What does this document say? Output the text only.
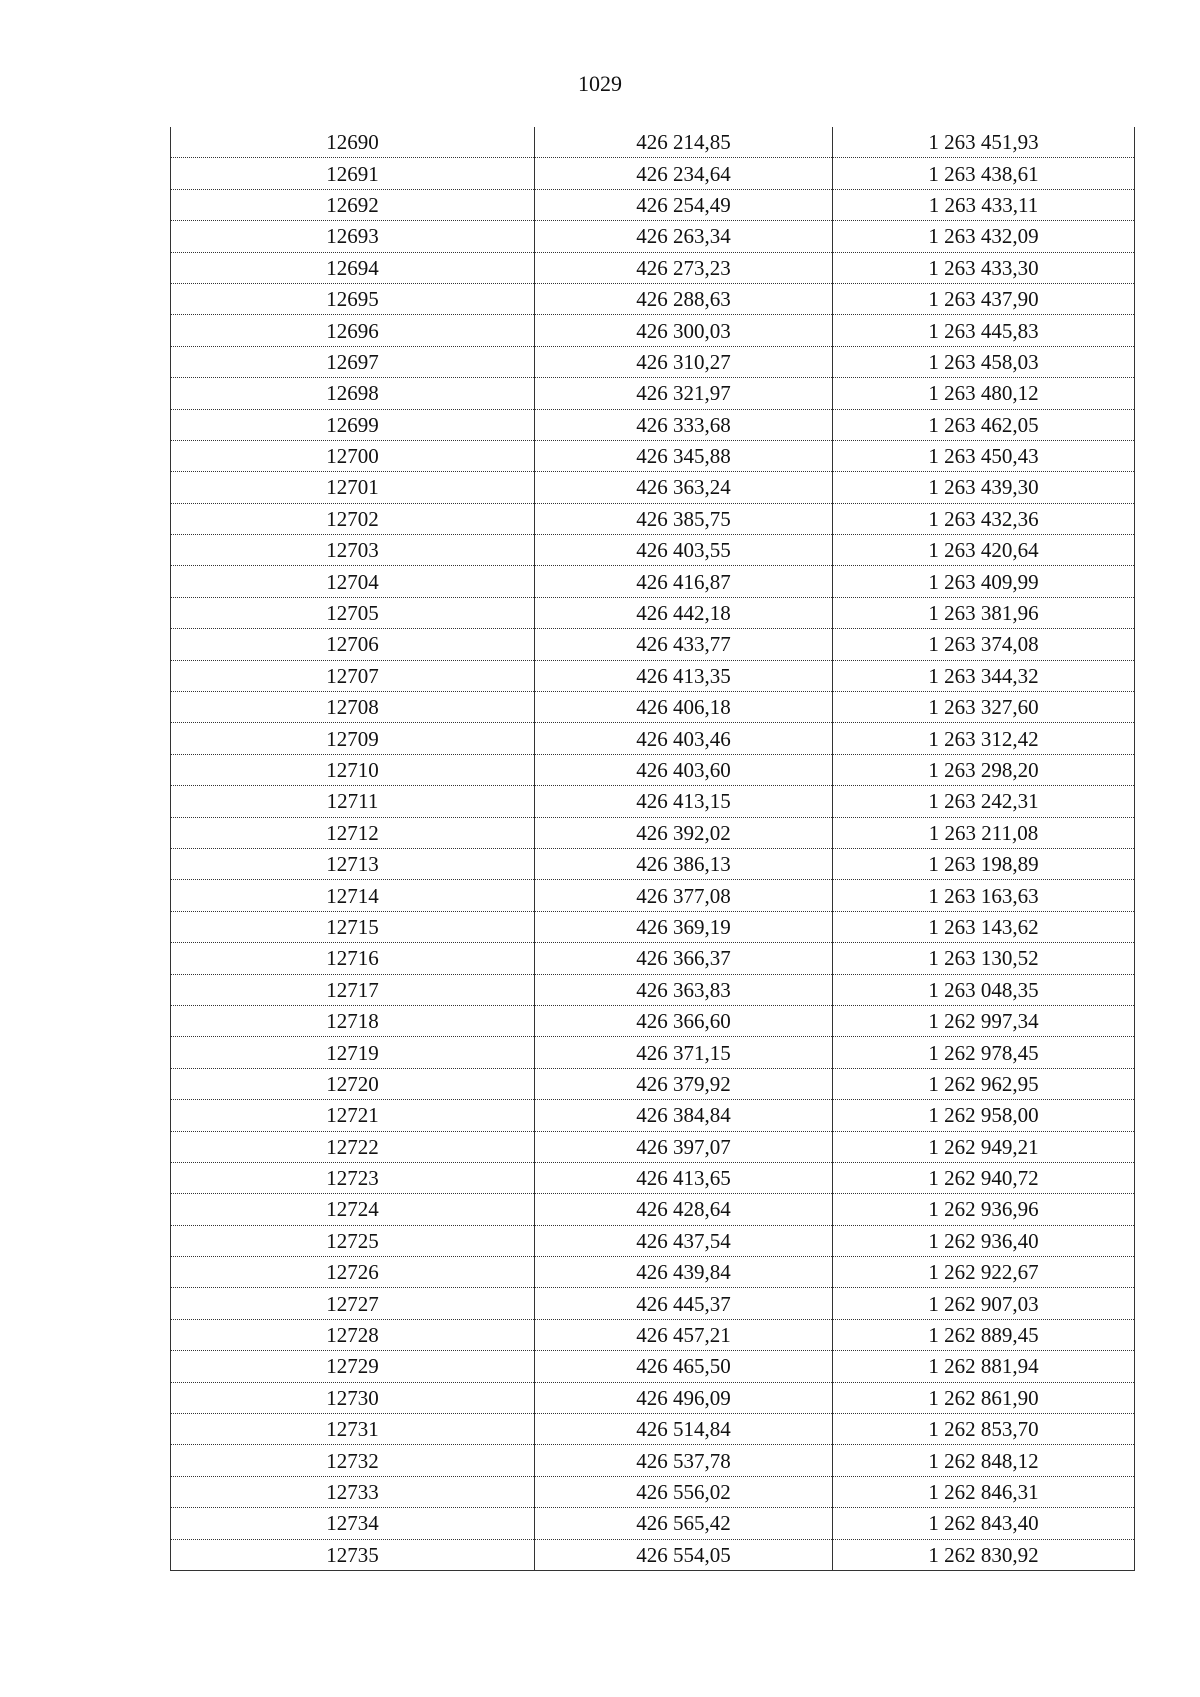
1029
12690	426 214,85	1 263 451,93
12691	426 234,64	1 263 438,61
12692	426 254,49	1 263 433,11
12693	426 263,34	1 263 432,09
12694	426 273,23	1 263 433,30
12695	426 288,63	1 263 437,90
12696	426 300,03	1 263 445,83
12697	426 310,27	1 263 458,03
12698	426 321,97	1 263 480,12
12699	426 333,68	1 263 462,05
12700	426 345,88	1 263 450,43
12701	426 363,24	1 263 439,30
12702	426 385,75	1 263 432,36
12703	426 403,55	1 263 420,64
12704	426 416,87	1 263 409,99
12705	426 442,18	1 263 381,96
12706	426 433,77	1 263 374,08
12707	426 413,35	1 263 344,32
12708	426 406,18	1 263 327,60
12709	426 403,46	1 263 312,42
12710	426 403,60	1 263 298,20
12711	426 413,15	1 263 242,31
12712	426 392,02	1 263 211,08
12713	426 386,13	1 263 198,89
12714	426 377,08	1 263 163,63
12715	426 369,19	1 263 143,62
12716	426 366,37	1 263 130,52
12717	426 363,83	1 263 048,35
12718	426 366,60	1 262 997,34
12719	426 371,15	1 262 978,45
12720	426 379,92	1 262 962,95
12721	426 384,84	1 262 958,00
12722	426 397,07	1 262 949,21
12723	426 413,65	1 262 940,72
12724	426 428,64	1 262 936,96
12725	426 437,54	1 262 936,40
12726	426 439,84	1 262 922,67
12727	426 445,37	1 262 907,03
12728	426 457,21	1 262 889,45
12729	426 465,50	1 262 881,94
12730	426 496,09	1 262 861,90
12731	426 514,84	1 262 853,70
12732	426 537,78	1 262 848,12
12733	426 556,02	1 262 846,31
12734	426 565,42	1 262 843,40
12735	426 554,05	1 262 830,92
